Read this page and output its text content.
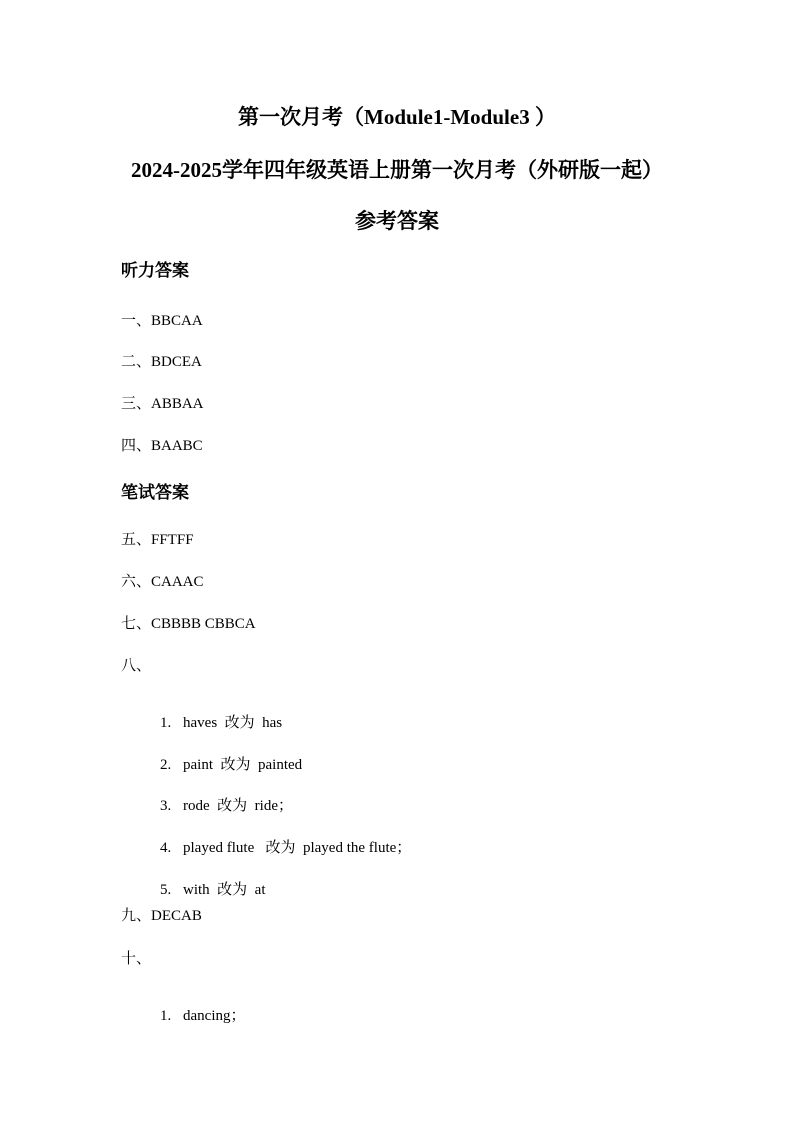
第一次月考（Module1-Module3 ）
2024-2025学年四年级英语上册第一次月考（外研版一起）
参考答案
听力答案
一、BBCAA
二、BDCEA
三、ABBAA
四、BAABC
笔试答案
五、FFTFF
六、CAAAC
七、CBBBB CBBCA
八、

1. haves  改为  has

2. paint  改为  painted

3. rode  改为  ride；

4. played flute   改为  played the flute；

5. with  改为  at

九、DECAB
十、

1. dancing；
